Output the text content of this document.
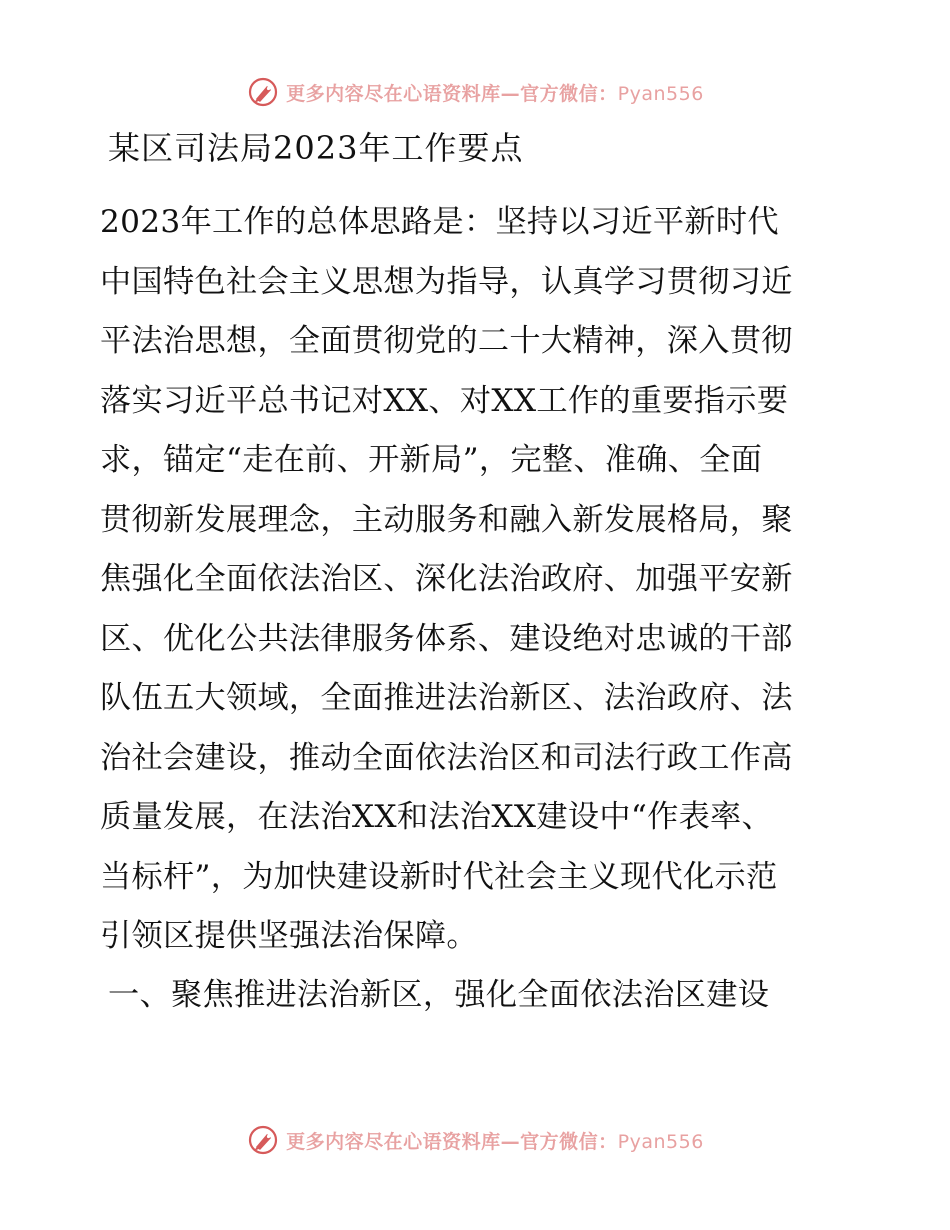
更多内容尽在心语资料库—官方微信：Pyan556
某区司法局2023年工作要点
2023年工作的总体思路是：坚持以习近平新时代
中国特色社会主义思想为指导，认真学习贯彻习近
平法治思想，全面贯彻党的二十大精神，深入贯彻
落实习近平总书记对XX、对XX工作的重要指示要
求，锚定“走在前、开新局”，完整、准确、全面
贯彻新发展理念，主动服务和融入新发展格局，聚
焦强化全面依法治区、深化法治政府、加强平安新
区、优化公共法律服务体系、建设绝对忠诚的干部
队伍五大领域，全面推进法治新区、法治政府、法
治社会建设，推动全面依法治区和司法行政工作高
质量发展，在法治XX和法治XX建设中“作表率、
当标杆”，为加快建设新时代社会主义现代化示范
引领区提供坚强法治保障。
一、聚焦推进法治新区，强化全面依法治区建设
更多内容尽在心语资料库—官方微信：Pyan556
